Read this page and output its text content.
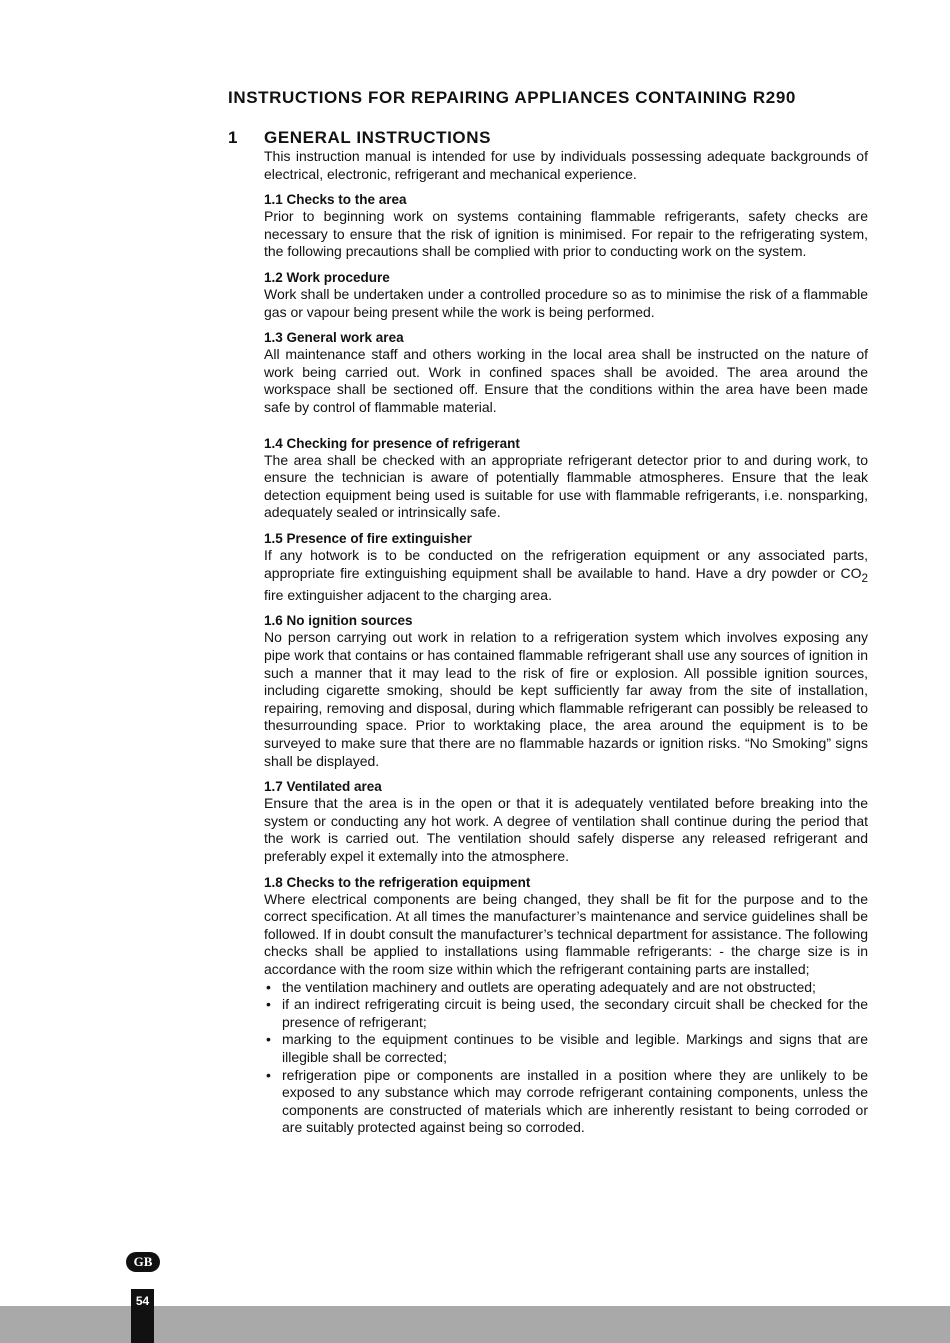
INSTRUCTIONS FOR REPAIRING APPLIANCES CONTAINING R290
1	GENERAL INSTRUCTIONS

This instruction manual is intended for use by individuals possessing adequate backgrounds of electrical, electronic, refrigerant and mechanical experience.

1.1 Checks to the area

Prior to beginning work on systems containing flammable refrigerants, safety checks are necessary to ensure that the risk of ignition is minimised. For repair to the refrigerating system, the following precautions shall be complied with prior to conducting work on the system.

1.2 Work procedure

Work shall be undertaken under a controlled procedure so as to minimise the risk of a flammable gas or vapour being present while the work is being performed.

1.3 General work area

All maintenance staff and others working in the local area shall be instructed on the nature of work being carried out. Work in confined spaces shall be avoided. The area around the workspace shall be sectioned off. Ensure that the conditions within the area have been made safe by control of flammable material.

1.4 Checking for presence of refrigerant

The area shall be checked with an appropriate refrigerant detector prior to and during work, to ensure the technician is aware of potentially flammable atmospheres. Ensure that the leak detection equipment being used is suitable for use with flammable refrigerants, i.e. nonsparking, adequately sealed or intrinsically safe.

1.5 Presence of fire extinguisher

If any hotwork is to be conducted on the refrigeration equipment or any associated parts, appropriate fire extinguishing equipment shall be available to hand. Have a dry powder or $CO_2$ fire extinguisher adjacent to the charging area.

1.6 No ignition sources

No person carrying out work in relation to a refrigeration system which involves exposing any pipe work that contains or has contained flammable refrigerant shall use any sources of ignition in such a manner that it may lead to the risk of fire or explosion. All possible ignition sources, including cigarette smoking, should be kept sufficiently far away from the site of installation, repairing, removing and disposal, during which flammable refrigerant can possibly be released to thesurrounding space. Prior to worktaking place, the area around the equipment is to be surveyed to make sure that there are no flammable hazards or ignition risks. “No Smoking” signs shall be displayed.

1.7 Ventilated area

Ensure that the area is in the open or that it is adequately ventilated before breaking into the system or conducting any hot work. A degree of ventilation shall continue during the period that the work is carried out. The ventilation should safely disperse any released refrigerant and preferably expel it extemally into the atmosphere.

1.8 Checks to the refrigeration equipment

Where electrical components are being changed, they shall be fit for the purpose and to the correct specification. At all times the manufacturer’s maintenance and service guidelines shall be followed. If in doubt consult the manufacturer’s technical department for assistance. The following checks shall be applied to installations using flammable refrigerants: - the charge size is in accordance with the room size within which the refrigerant containing parts are installed;

• the ventilation machinery and outlets are operating adequately and are not obstructed;
• if an indirect refrigerating circuit is being used, the secondary circuit shall be checked for the presence of refrigerant;
• marking to the equipment continues to be visible and legible. Markings and signs that are illegible shall be corrected;
• refrigeration pipe or components are installed in a position where they are unlikely to be exposed to any substance which may corrode refrigerant containing components, unless the components are constructed of materials which are inherently resistant to being corroded or are suitably protected against being so corroded.
GB
54
